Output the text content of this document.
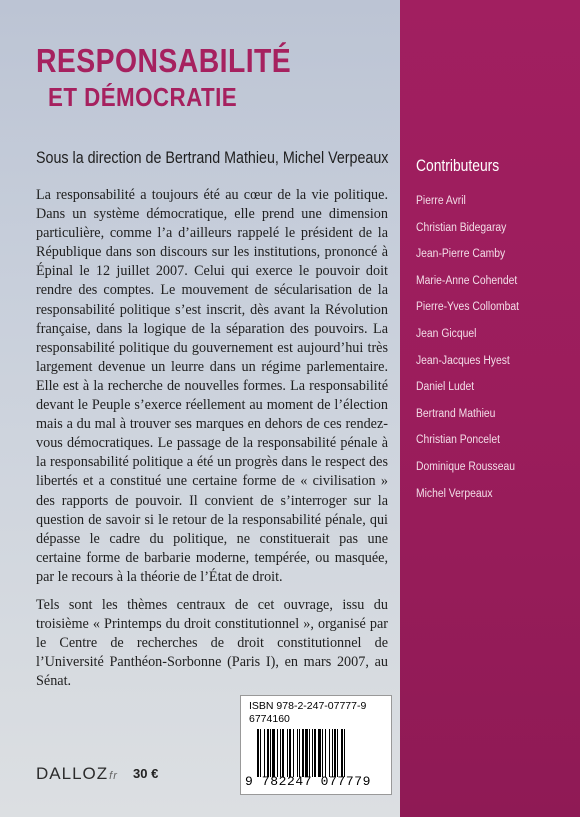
RESPONSABILITÉ
ET DÉMOCRATIE
Sous la direction de Bertrand Mathieu, Michel Verpeaux

La responsabilité a toujours été au cœur de la vie politique. Dans un système démocratique, elle prend une dimension particulière, comme l’a d’ailleurs rappelé le président de la République dans son discours sur les institutions, prononcé à Épinal le 12 juillet 2007. Celui qui exerce le pouvoir doit rendre des comptes. Le mouvement de sécularisation de la responsabilité politique s’est inscrit, dès avant la Révolution française, dans la logique de la séparation des pouvoirs. La responsabilité politique du gouvernement est aujourd’hui très largement devenue un leurre dans un régime parlementaire. Elle est à la recherche de nouvelles formes. La responsabilité devant le Peuple s’exerce réellement au moment de l’élection mais a du mal à trouver ses marques en dehors de ces rendez-vous démocratiques. Le passage de la responsabilité pénale à la responsabilité politique a été un progrès dans le respect des libertés et a constitué une certaine forme de « civilisation » des rapports de pouvoir. Il convient de s’interroger sur la question de savoir si le retour de la responsabilité pénale, qui dépasse le cadre du politique, ne constituerait pas une certaine forme de barbarie moderne, tempérée, ou masquée, par le recours à la théorie de l’État de droit.

Tels sont les thèmes centraux de cet ouvrage, issu du troisième « Printemps du droit constitutionnel », organisé par le Centre de recherches de droit constitutionnel de l’Université Panthéon-Sorbonne (Paris I), en mars 2007, au Sénat.

Contributeurs
Pierre Avril
Christian Bidegaray
Jean-Pierre Camby
Marie-Anne Cohendet
Pierre-Yves Collombat
Jean Gicquel
Jean-Jacques Hyest
Daniel Ludet
Bertrand Mathieu
Christian Poncelet
Dominique Rousseau
Michel Verpeaux
DALLOZfr 30 €
ISBN 978-2-247-07777-9
6774160
9 782247 077779
